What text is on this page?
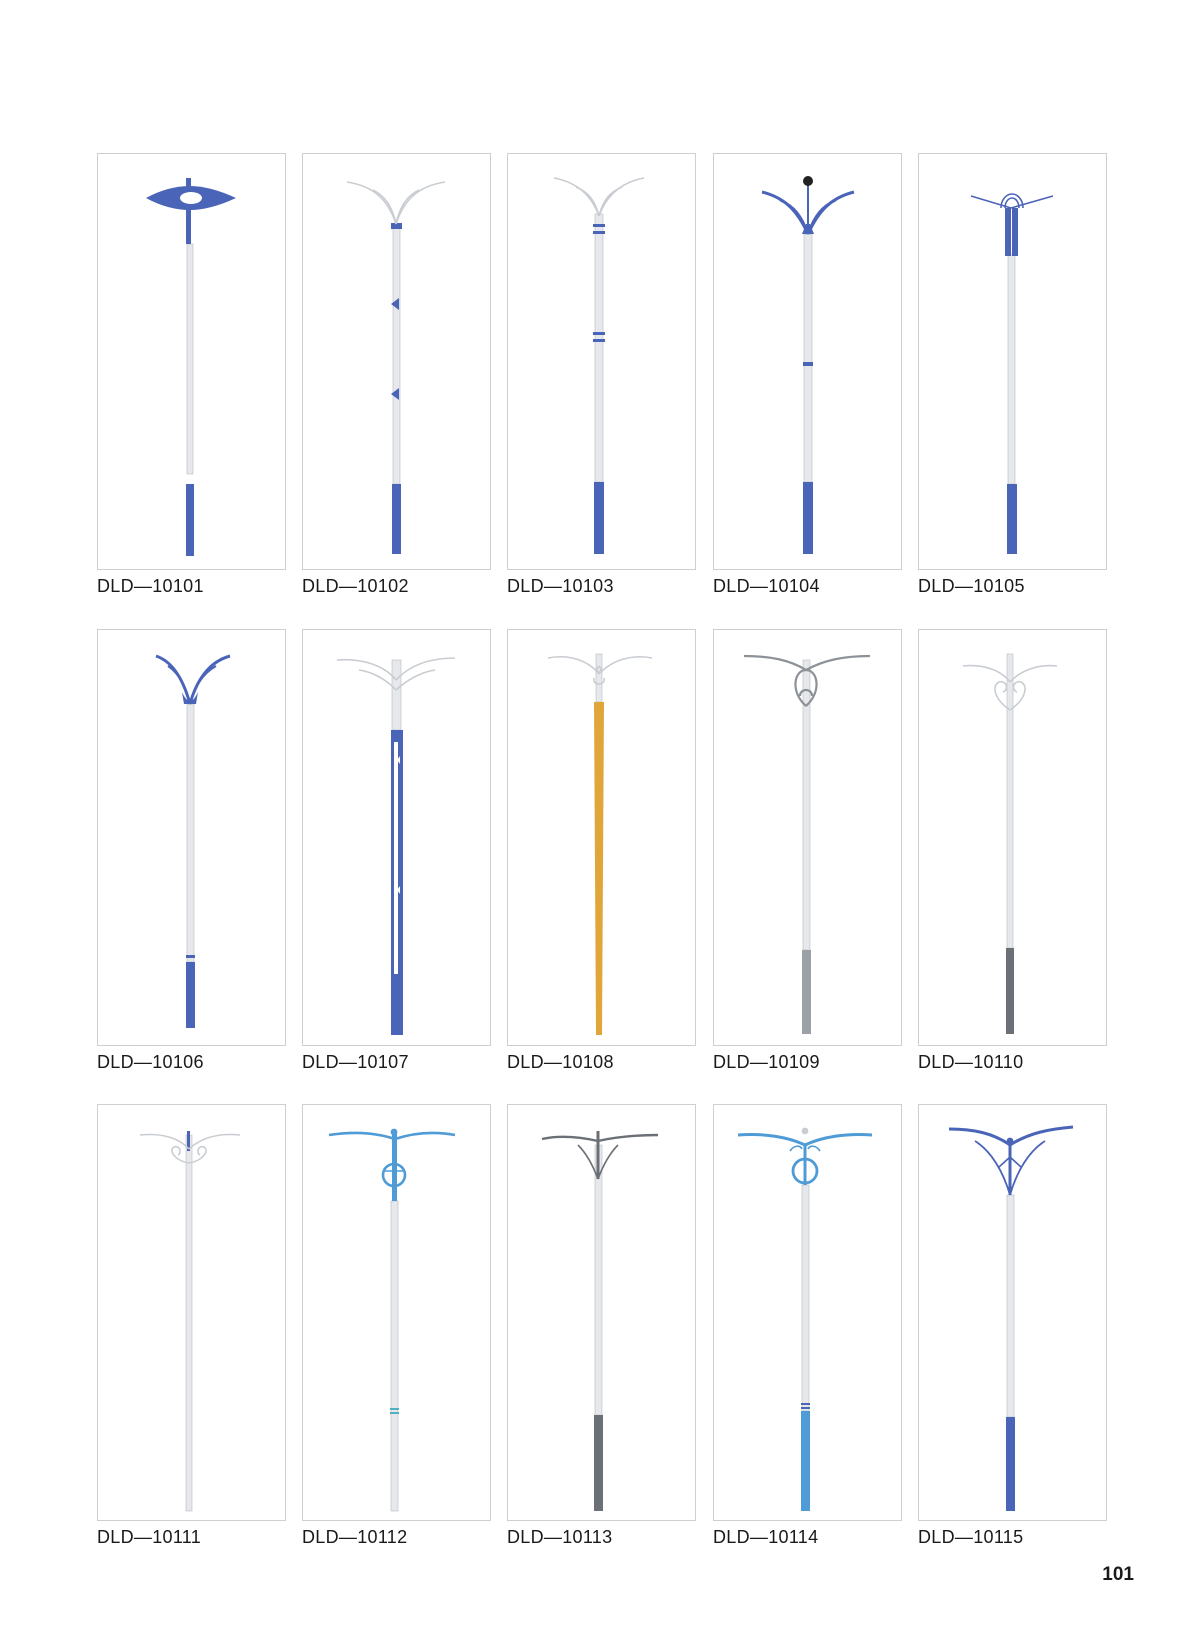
DLD—10101	DLD—10102	DLD—10103	DLD—10104	DLD—10105
DLD—10106	DLD—10107	DLD—10108	DLD—10109	DLD—10110
DLD—10111	DLD—10112	DLD—10113	DLD—10114	DLD—10115
101
